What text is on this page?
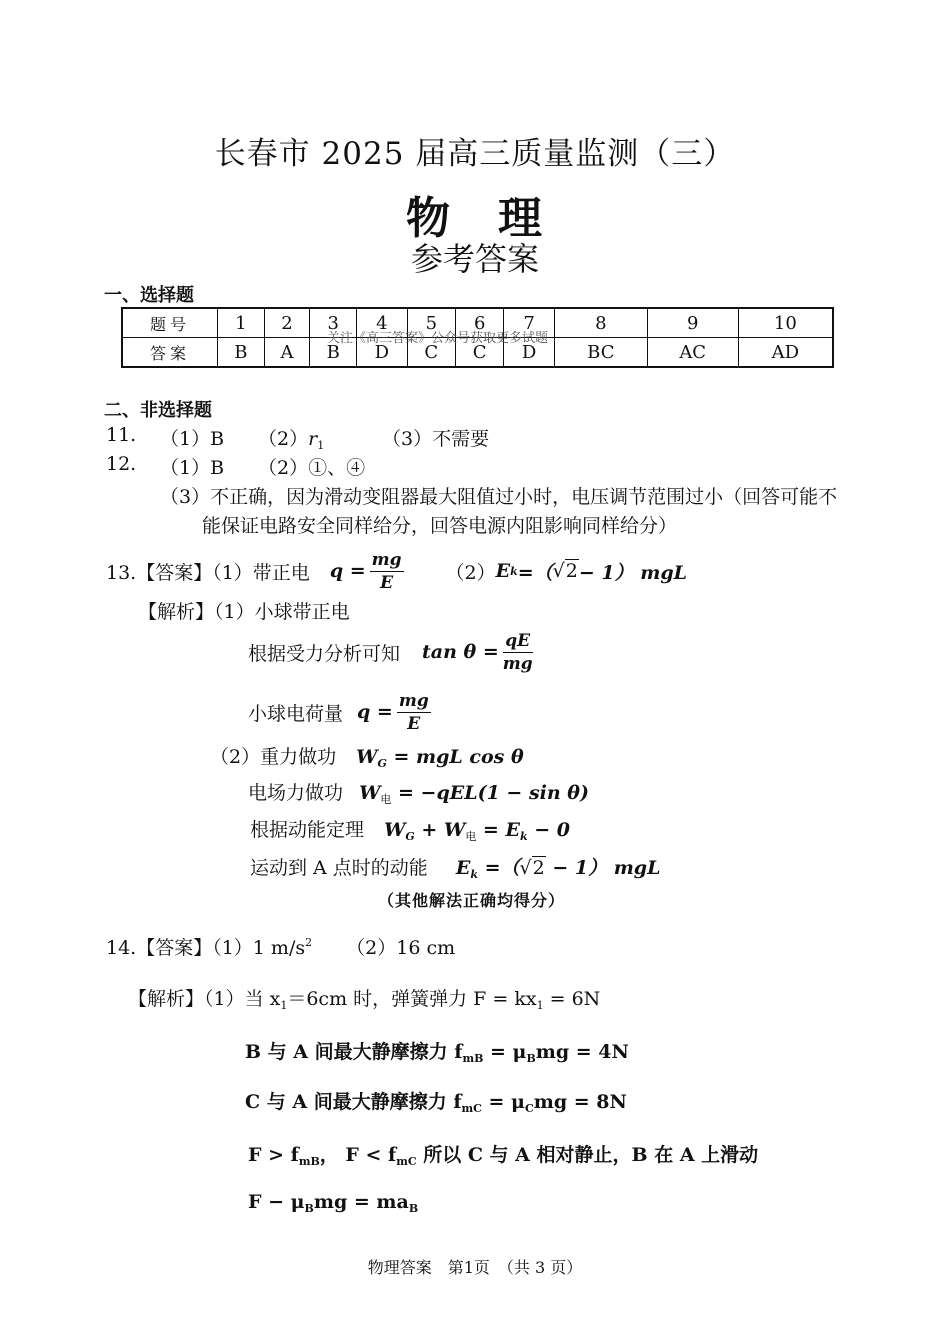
长春市 2025 届高三质量监测（三）
物　理
参考答案
一、选择题
题号	1	2	3	4	5	6	7	8	9	10
答案	B	A	B	D	C	C	D	BC	AC	AD
关注《高三答案》公众号获取更多试题
二、非选择题
11. （1）B $(2)r_1$	（3）不需要
12. （1）B （2）①、④
（3）不正确，因为滑动变阻器最大阻值过小时，电压调节范围过小（回答可能不
能保证电路安全同样给分，回答电源内阻影响同样给分）
13.【答案】（1）带正电 $q = \frac{mg}{E} (2)$ E k =（ √2 − 1） mgL
【解析】（1）小球带正电
根据受力分析可知 $\tan \theta = \frac{qE}{mg}$
小球电荷量 $q = \frac{mg}{E}$
（2）重力做功 $W_G$ = mgL cos θ
电场力做功 $W_电 = -qEL(1 - \sin \theta)$
根据动能定理 $W_G + W_电 = E_k - 0$
运动到 A 点时的动能 $E_k =(√2 - 1)$ mgL
（其他解法正确均得分）
14.【答案】（1）1 $m/s^2$ （2）16 cm
【解析】（1）当 $x_1=6cm$ 时，弹簧弹力 $F = kx_1 = 6N$
B 与 A 间最大静摩擦力 $f_{mB} = \mu_Bmg = 4N$
C 与 A 间最大静摩擦力 $f_{mC} = \mu_Cmg = 8N$
$F > f_{mB}$， $F < f_{mC}$ 所以 C 与 A 相对静止，B 在 A 上滑动
$F - \mu_Bmg = ma_B$
物理答案　第1页　（共 3 页）
